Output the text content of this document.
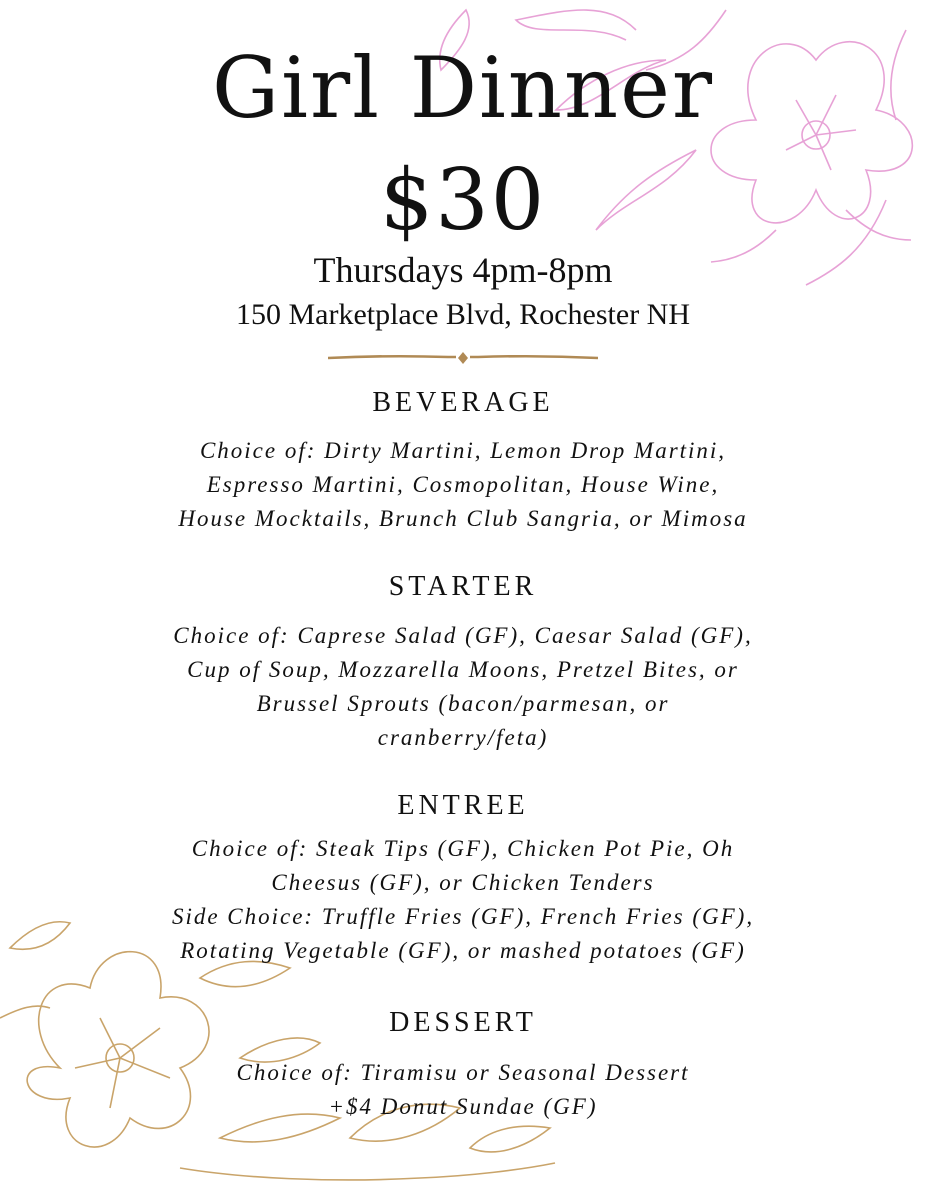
Girl Dinner
$30
Thursdays 4pm-8pm
150 Marketplace Blvd, Rochester NH
BEVERAGE
Choice of: Dirty Martini, Lemon Drop Martini,
Espresso Martini, Cosmopolitan, House Wine,
House Mocktails, Brunch Club Sangria, or Mimosa
STARTER
Choice of: Caprese Salad (GF), Caesar Salad (GF),
Cup of Soup, Mozzarella Moons, Pretzel Bites, or
Brussel Sprouts (bacon/parmesan, or
cranberry/feta)
ENTREE
Choice of: Steak Tips (GF), Chicken Pot Pie, Oh
Cheesus (GF), or Chicken Tenders
Side Choice: Truffle Fries (GF), French Fries (GF),
Rotating Vegetable (GF), or mashed potatoes (GF)
DESSERT
Choice of: Tiramisu or Seasonal Dessert
+$4 Donut Sundae (GF)
